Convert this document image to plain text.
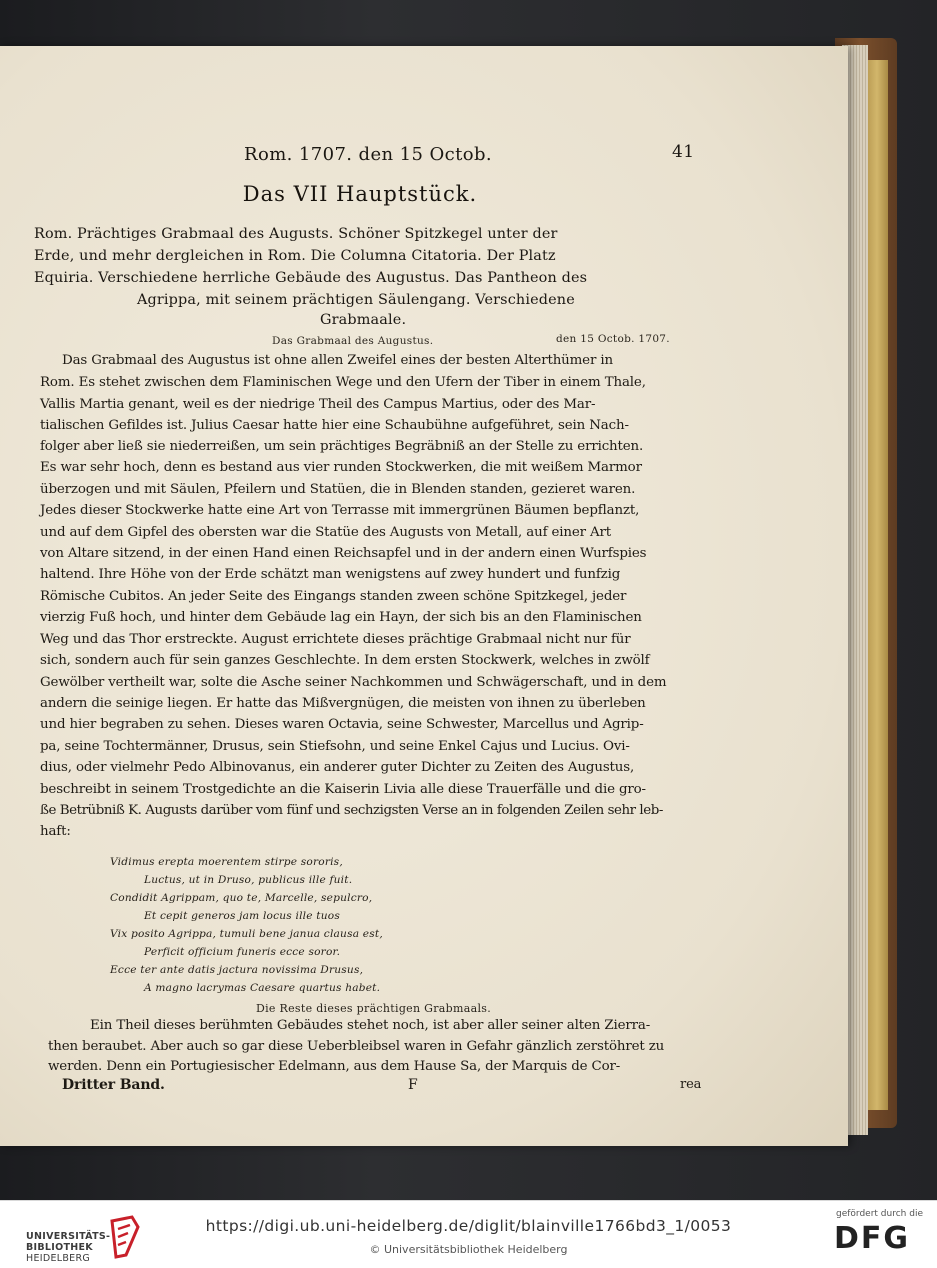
Rom. 1707. den 15 Octob.	41
Das VII Hauptstück.
Rom. Prächtiges Grabmaal des Augusts. Schöner Spitzkegel unter der
Erde, und mehr dergleichen in Rom. Die Columna Citatoria. Der Platz
Equiria. Verschiedene herrliche Gebäude des Augustus. Das Pantheon des
Agrippa, mit seinem prächtigen Säulengang. Verschiedene
Grabmaale.
Das Grabmaal des Augustus.	den 15 Octob. 1707.
Das Grabmaal des Augustus ist ohne allen Zweifel eines der besten Alterthümer in
Rom. Es stehet zwischen dem Flaminischen Wege und den Ufern der Tiber in einem Thale,
Vallis Martia genant, weil es der niedrige Theil des Campus Martius, oder des Mar-
tialischen Gefildes ist. Julius Caesar hatte hier eine Schaubühne aufgeführet, sein Nach-
folger aber ließ sie niederreißen, um sein prächtiges Begräbniß an der Stelle zu errichten.
Es war sehr hoch, denn es bestand aus vier runden Stockwerken, die mit weißem Marmor
überzogen und mit Säulen, Pfeilern und Statüen, die in Blenden standen, gezieret waren.
Jedes dieser Stockwerke hatte eine Art von Terrasse mit immergrünen Bäumen bepflanzt,
und auf dem Gipfel des obersten war die Statüe des Augusts von Metall, auf einer Art
von Altare sitzend, in der einen Hand einen Reichsapfel und in der andern einen Wurfspies
haltend. Ihre Höhe von der Erde schätzt man wenigstens auf zwey hundert und funfzig
Römische Cubitos. An jeder Seite des Eingangs standen zween schöne Spitzkegel, jeder
vierzig Fuß hoch, und hinter dem Gebäude lag ein Hayn, der sich bis an den Flaminischen
Weg und das Thor erstreckte. August errichtete dieses prächtige Grabmaal nicht nur für
sich, sondern auch für sein ganzes Geschlechte. In dem ersten Stockwerk, welches in zwölf
Gewölber vertheilt war, solte die Asche seiner Nachkommen und Schwägerschaft, und in dem
andern die seinige liegen. Er hatte das Mißvergnügen, die meisten von ihnen zu überleben
und hier begraben zu sehen. Dieses waren Octavia, seine Schwester, Marcellus und Agrip-
pa, seine Tochtermänner, Drusus, sein Stiefsohn, und seine Enkel Cajus und Lucius. Ovi-
dius, oder vielmehr Pedo Albinovanus, ein anderer guter Dichter zu Zeiten des Augustus,
beschreibt in seinem Trostgedichte an die Kaiserin Livia alle diese Trauerfälle und die gro-
ße Betrübniß K. Augusts darüber vom fünf und sechzigsten Verse an in folgenden Zeilen sehr leb-
haft:
Vidimus erepta moerentem stirpe sororis,
Luctus, ut in Druso, publicus ille fuit.
Condidit Agrippam, quo te, Marcelle, sepulcro,
Et cepit generos jam locus ille tuos
Vix posito Agrippa, tumuli bene janua clausa est,
Perficit officium funeris ecce soror.
Ecce ter ante datis jactura novissima Drusus,
A magno lacrymas Caesare quartus habet.
Die Reste dieses prächtigen Grabmaals.
Ein Theil dieses berühmten Gebäudes stehet noch, ist aber aller seiner alten Zierra-
then beraubet. Aber auch so gar diese Ueberbleibsel waren in Gefahr gänzlich zerstöhret zu
werden. Denn ein Portugiesischer Edelmann, aus dem Hause Sa, der Marquis de Cor-
Dritter Band.	F	rea
UNIVERSITÄTS-
BIBLIOTHEK
HEIDELBERG
https://digi.ub.uni-heidelberg.de/diglit/blainville1766bd3_1/0053
© Universitätsbibliothek Heidelberg
gefördert durch die
DFG
